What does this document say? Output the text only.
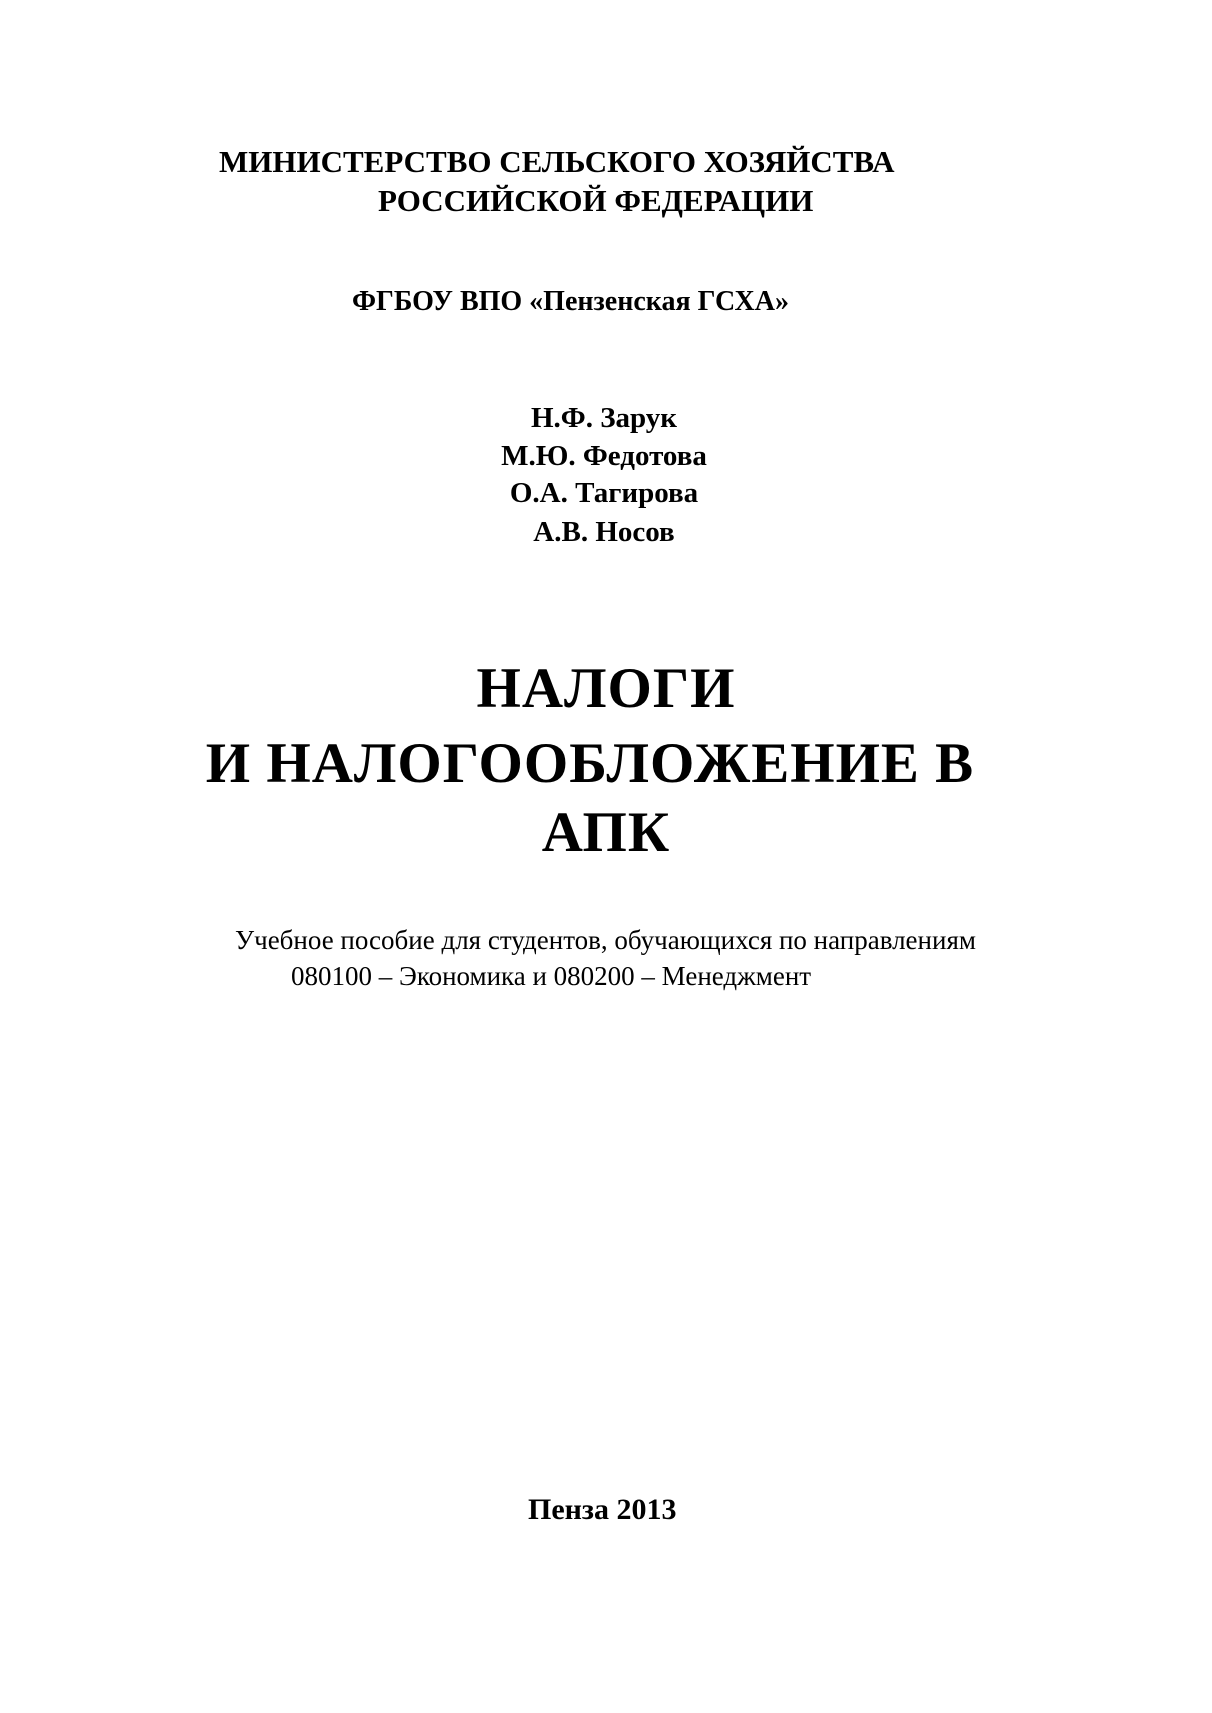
МИНИСТЕРСТВО СЕЛЬСКОГО ХОЗЯЙСТВА
РОССИЙСКОЙ ФЕДЕРАЦИИ
ФГБОУ ВПО «Пензенская ГСХА»
Н.Ф. Зарук
М.Ю. Федотова
О.А. Тагирова
А.В. Носов
НАЛОГИ
И НАЛОГООБЛОЖЕНИЕ В
АПК
Учебное пособие для студентов, обучающихся по направлениям
080100 – Экономика и 080200 – Менеджмент
Пенза 2013
